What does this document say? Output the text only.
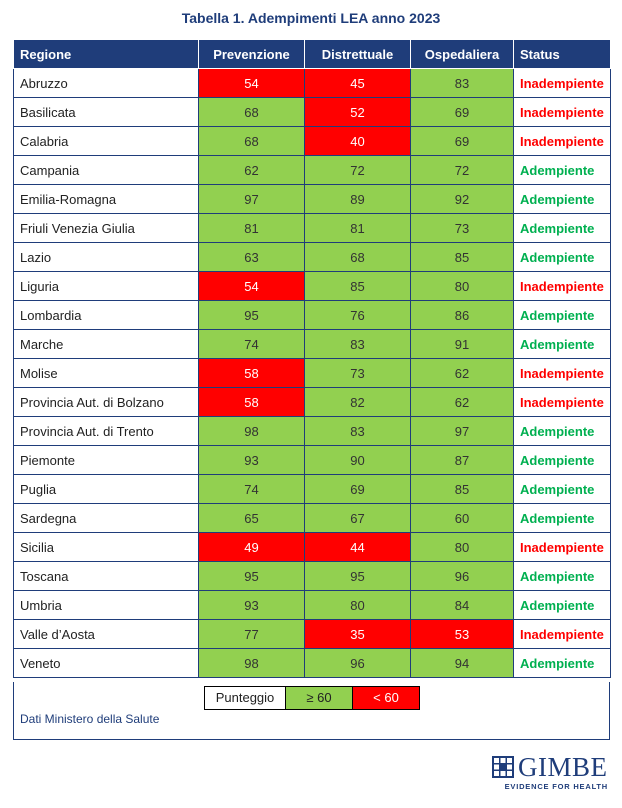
Tabella 1. Adempimenti LEA anno 2023
Regione	Prevenzione	Distrettuale	Ospedaliera	Status
Abruzzo	54	45	83	Inadempiente
Basilicata	68	52	69	Inadempiente
Calabria	68	40	69	Inadempiente
Campania	62	72	72	Adempiente
Emilia-Romagna	97	89	92	Adempiente
Friuli Venezia Giulia	81	81	73	Adempiente
Lazio	63	68	85	Adempiente
Liguria	54	85	80	Inadempiente
Lombardia	95	76	86	Adempiente
Marche	74	83	91	Adempiente
Molise	58	73	62	Inadempiente
Provincia Aut. di Bolzano	58	82	62	Inadempiente
Provincia Aut. di Trento	98	83	97	Adempiente
Piemonte	93	90	87	Adempiente
Puglia	74	69	85	Adempiente
Sardegna	65	67	60	Adempiente
Sicilia	49	44	80	Inadempiente
Toscana	95	95	96	Adempiente
Umbria	93	80	84	Adempiente
Valle d’Aosta	77	35	53	Inadempiente
Veneto	98	96	94	Adempiente
Punteggio	≥ 60	< 60
Dati Ministero della Salute
GIMBE
EVIDENCE FOR HEALTH
